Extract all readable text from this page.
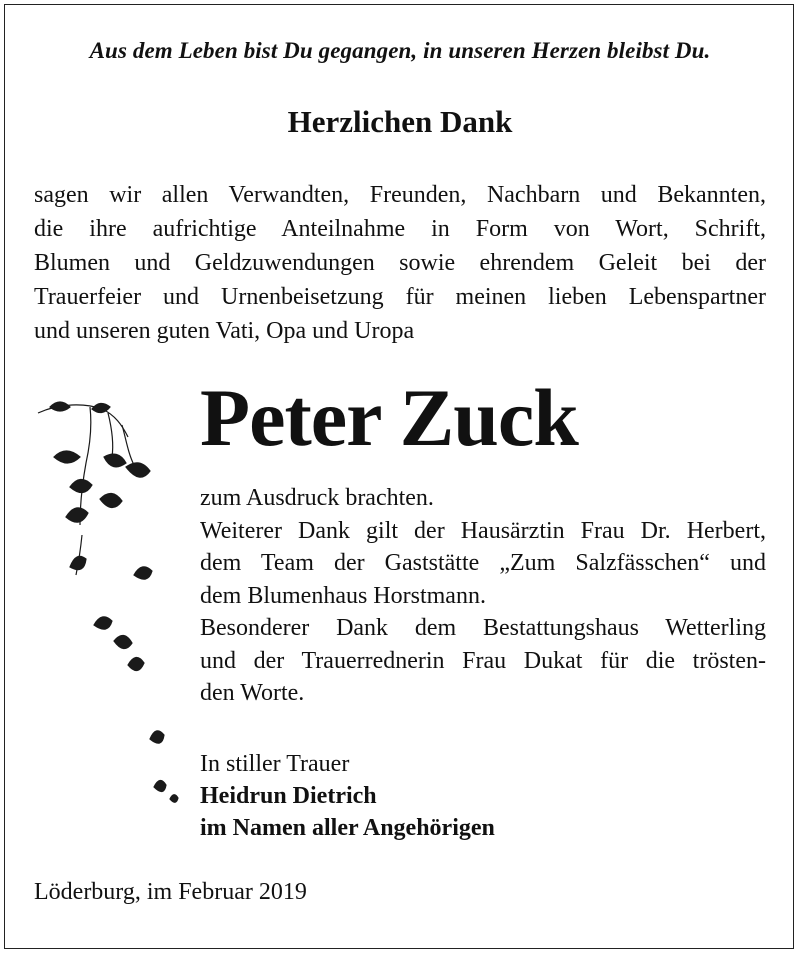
Aus dem Leben bist Du gegangen, in unseren Herzen bleibst Du.
Herzlichen Dank
sagen wir allen Verwandten, Freunden, Nachbarn und Bekannten,
die ihre aufrichtige Anteilnahme in Form von Wort, Schrift,
Blumen und Geldzuwendungen sowie ehrendem Geleit bei der
Trauerfeier und Urnenbeisetzung für meinen lieben Lebenspartner
und unseren guten Vati, Opa und Uropa
Peter Zuck
zum Ausdruck brachten.
Weiterer Dank gilt der Hausärztin Frau Dr. Herbert,
dem Team der Gaststätte „Zum Salzfässchen“ und
dem Blumenhaus Horstmann.
Besonderer Dank dem Bestattungshaus Wetterling
und der Trauerrednerin Frau Dukat für die trösten-
den Worte.
In stiller Trauer
Heidrun Dietrich
im Namen aller Angehörigen
Löderburg, im Februar 2019
